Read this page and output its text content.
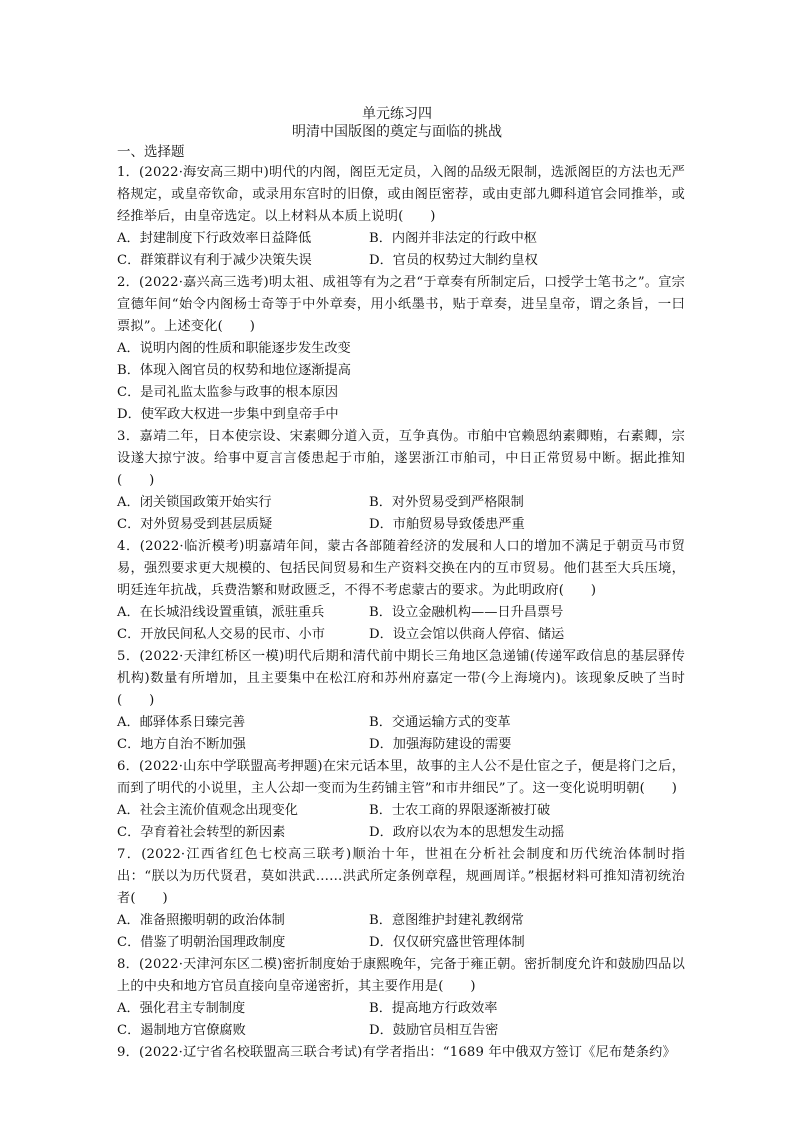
单元练习四
明清中国版图的奠定与面临的挑战
一、选择题
1．(2022·海安高三期中)明代的内阁，阁臣无定员，入阁的品级无限制，选派阁臣的方法也无严格规定，或皇帝钦命，或录用东宫时的旧僚，或由阁臣密荐，或由吏部九卿科道官会同推举，或经推举后，由皇帝选定。以上材料从本质上说明(　　)
A．封建制度下行政效率日益降低	B．内阁并非法定的行政中枢
C．群策群议有利于减少决策失误	D．官员的权势过大制约皇权
2．(2022·嘉兴高三选考)明太祖、成祖等有为之君“于章奏有所制定后，口授学士笔书之”。宣宗宣德年间“始令内阁杨士奇等于中外章奏，用小纸墨书，贴于章奏，进呈皇帝，谓之条旨，一曰票拟”。上述变化(　　)
A．说明内阁的性质和职能逐步发生改变
B．体现入阁官员的权势和地位逐渐提高
C．是司礼监太监参与政事的根本原因
D．使军政大权进一步集中到皇帝手中
3．嘉靖二年，日本使宗设、宋素卿分道入贡，互争真伪。市舶中官赖恩纳素卿贿，右素卿，宗设遂大掠宁波。给事中夏言言倭患起于市舶，遂罢浙江市舶司，中日正常贸易中断。据此推知(　　)
A．闭关锁国政策开始实行	B．对外贸易受到严格限制
C．对外贸易受到甚层质疑	D．市舶贸易导致倭患严重
4．(2022·临沂模考)明嘉靖年间，蒙古各部随着经济的发展和人口的增加不满足于朝贡马市贸易，强烈要求更大规模的、包括民间贸易和生产资料交换在内的互市贸易。他们甚至大兵压境，明廷连年抗战，兵费浩繁和财政匮乏，不得不考虑蒙古的要求。为此明政府(　　)
A．在长城沿线设置重镇，派驻重兵	B．设立金融机构——日升昌票号
C．开放民间私人交易的民市、小市	D．设立会馆以供商人停宿、储运
5．(2022·天津红桥区一模)明代后期和清代前中期长三角地区急递铺(传递军政信息的基层驿传机构)数量有所增加，且主要集中在松江府和苏州府嘉定一带(今上海境内)。该现象反映了当时(　　)
A．邮驿体系日臻完善	B．交通运输方式的变革
C．地方自治不断加强	D．加强海防建设的需要
6．(2022·山东中学联盟高考押题)在宋元话本里，故事的主人公不是仕宦之子，便是将门之后，而到了明代的小说里，主人公却一变而为生药铺主管”和市井细民”了。这一变化说明明朝(　　)
A．社会主流价值观念出现变化	B．士农工商的界限逐渐被打破
C．孕育着社会转型的新因素	D．政府以农为本的思想发生动摇
7．(2022·江西省红色七校高三联考)顺治十年，世祖在分析社会制度和历代统治体制时指出：“朕以为历代贤君，莫如洪武……洪武所定条例章程，规画周详。”根据材料可推知清初统治者(　　)
A．准备照搬明朝的政治体制	B．意图维护封建礼教纲常
C．借鉴了明朝治国理政制度	D．仅仅研究盛世管理体制
8．(2022·天津河东区二模)密折制度始于康熙晚年，完备于雍正朝。密折制度允许和鼓励四品以上的中央和地方官员直接向皇帝递密折，其主要作用是(　　)
A．强化君主专制制度	B．提高地方行政效率
C．遏制地方官僚腐败	D．鼓励官员相互告密
9．(2022·辽宁省名校联盟高三联合考试)有学者指出：“1689 年中俄双方签订《尼布楚条约》
